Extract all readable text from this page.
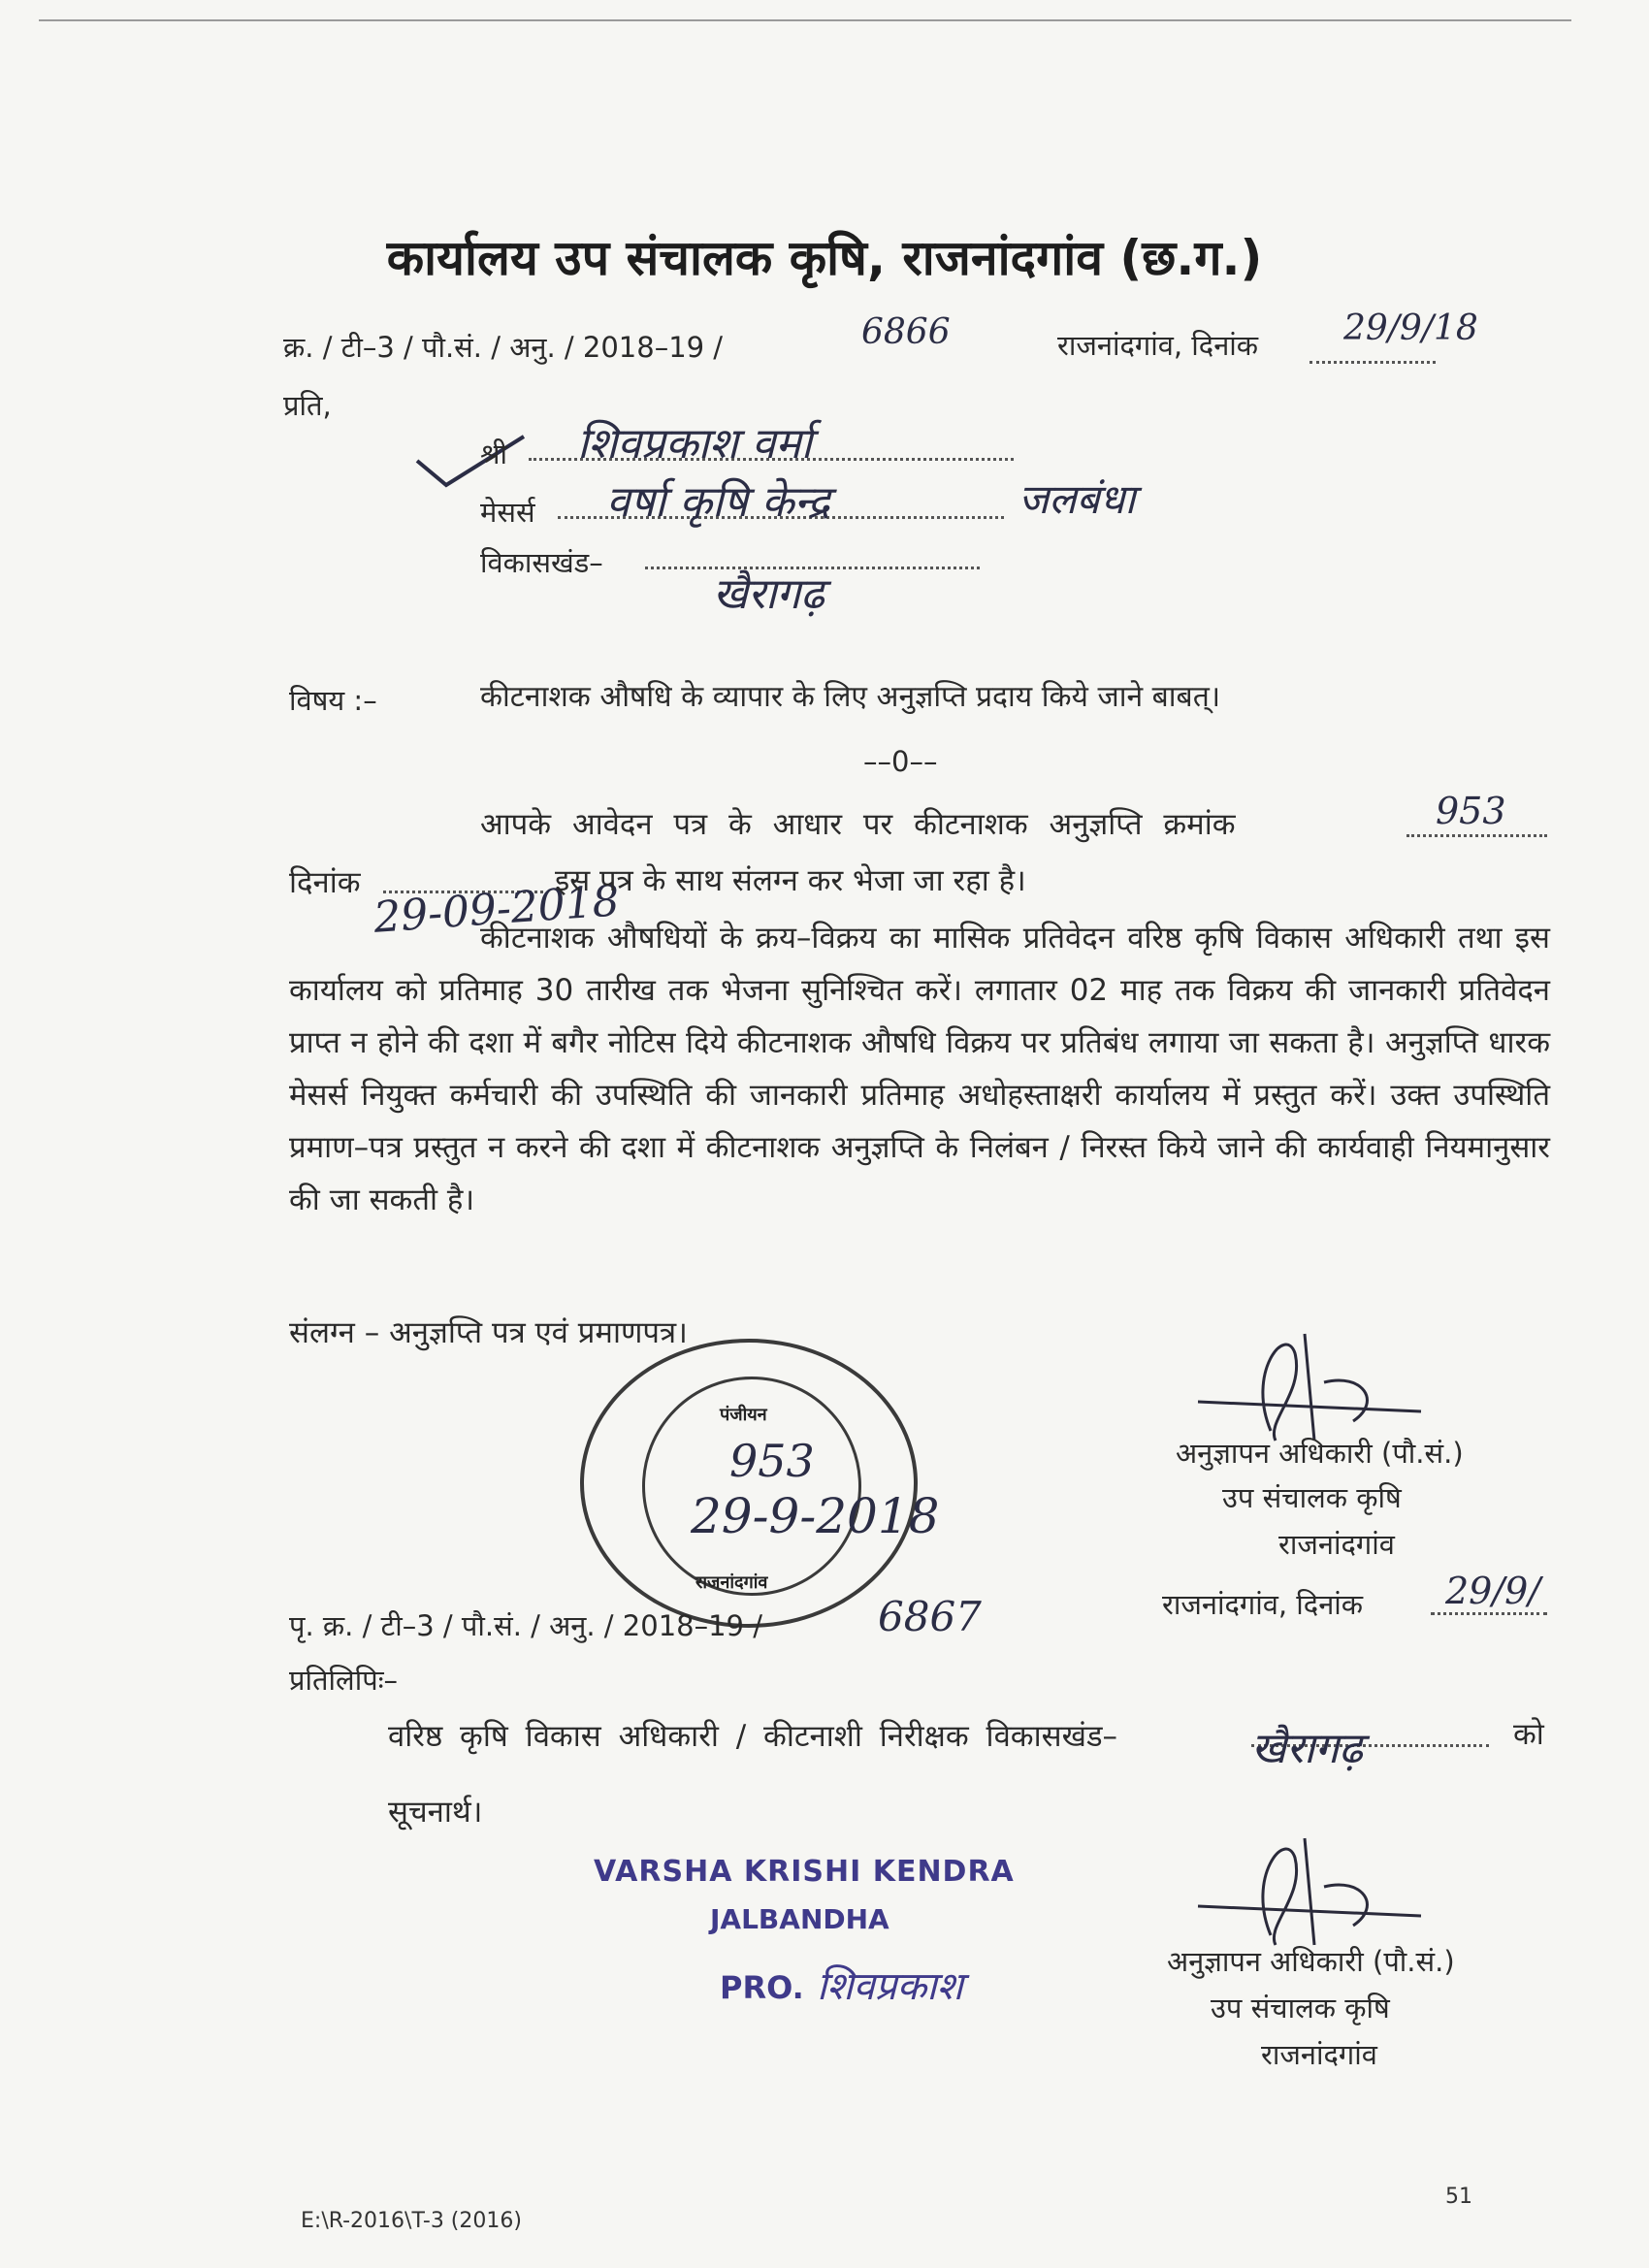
कार्यालय उप संचालक कृषि, राजनांदगांव (छ.ग.)
क्र. / टी–3 / पौ.सं. / अनु. / 2018–19 /	6866	राजनांदगांव, दिनांक 29/9/18
प्रति,
श्री शिवप्रकाश वर्मा
मेसर्स वर्षा कृषि केन्द्र	जलबंधा
विकासखंड–
खैरागढ़
विषय :–	कीटनाशक औषधि के व्यापार के लिए अनुज्ञप्ति प्रदाय किये जाने बाबत्।
––0––
आपके आवेदन पत्र के आधार पर कीटनाशक अनुज्ञप्ति क्रमांक	953
दिनांक 29-09-2018
इस पत्र के साथ संलग्न कर भेजा जा रहा है।
कीटनाशक औषधियों के क्रय–विक्रय का मासिक प्रतिवेदन वरिष्ठ कृषि विकास अधिकारी तथा इस कार्यालय को प्रतिमाह 30 तारीख तक भेजना सुनिश्चित करें। लगातार 02 माह तक विक्रय की जानकारी प्रतिवेदन प्राप्त न होने की दशा में बगैर नोटिस दिये कीटनाशक औषधि विक्रय पर प्रतिबंध लगाया जा सकता है। अनुज्ञप्ति धारक मेसर्स नियुक्त कर्मचारी की उपस्थिति की जानकारी प्रतिमाह अधोहस्ताक्षरी कार्यालय में प्रस्तुत करें। उक्त उपस्थिति प्रमाण–पत्र प्रस्तुत न करने की दशा में कीटनाशक अनुज्ञप्ति के निलंबन / निरस्त किये जाने की कार्यवाही नियमानुसार की जा सकती है।
संलग्न – अनुज्ञप्ति पत्र एवं प्रमाणपत्र।
पंजीयन
953
29-9-2018
राजनांदगांव
अनुज्ञापन अधिकारी (पौ.सं.)
उप संचालक कृषि
राजनांदगांव
पृ. क्र. / टी–3 / पौ.सं. / अनु. / 2018–19 /	6867	राजनांदगांव, दिनांक 29/9/
प्रतिलिपिः–
वरिष्ठ कृषि विकास अधिकारी / कीटनाशी निरीक्षक विकासखंड–	खैरागढ़	को
सूचनार्थ।
VARSHA KRISHI KENDRA
JALBANDHA
PRO. शिवप्रकाश
अनुज्ञापन अधिकारी (पौ.सं.)
उप संचालक कृषि
राजनांदगांव
E:\R-2016\T-3 (2016)
51
